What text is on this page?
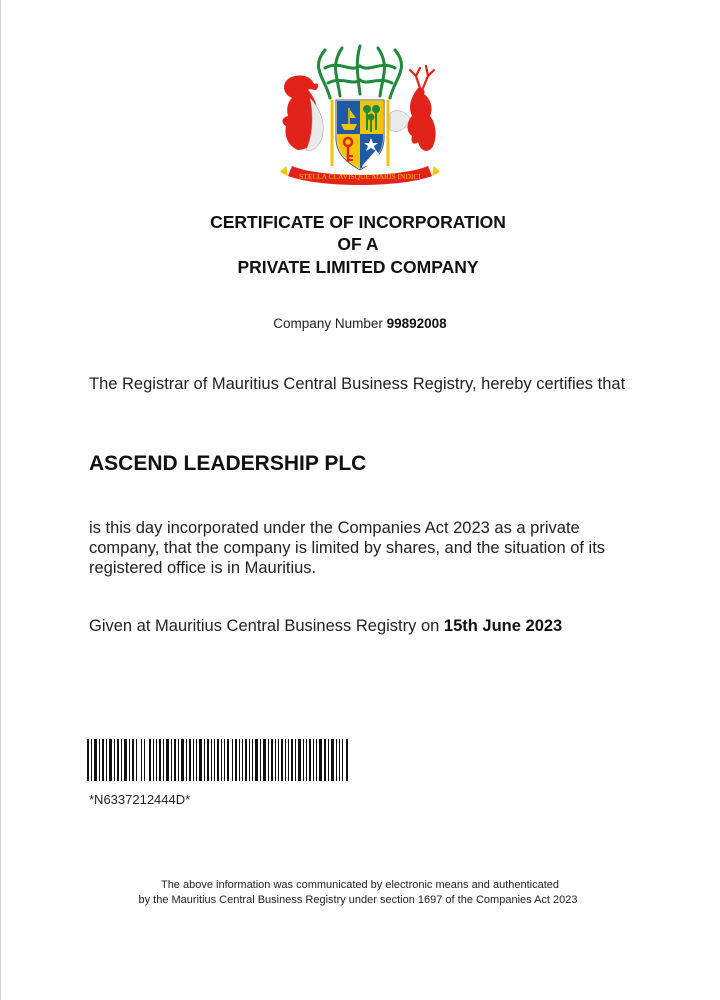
STELLA CLAVISQUE MARIS INDICI
CERTIFICATE OF INCORPORATION
OF A
PRIVATE LIMITED COMPANY
Company Number 99892008
The Registrar of Mauritius Central Business Registry, hereby certifies that
ASCEND LEADERSHIP PLC
is this day incorporated under the Companies Act 2023 as a private company, that the company is limited by shares, and the situation of its registered office is in Mauritius.
Given at Mauritius Central Business Registry on 15th June 2023
*N6337212444D*
The above information was communicated by electronic means and authenticated
by the Mauritius Central Business Registry under section 1697 of the Companies Act 2023
